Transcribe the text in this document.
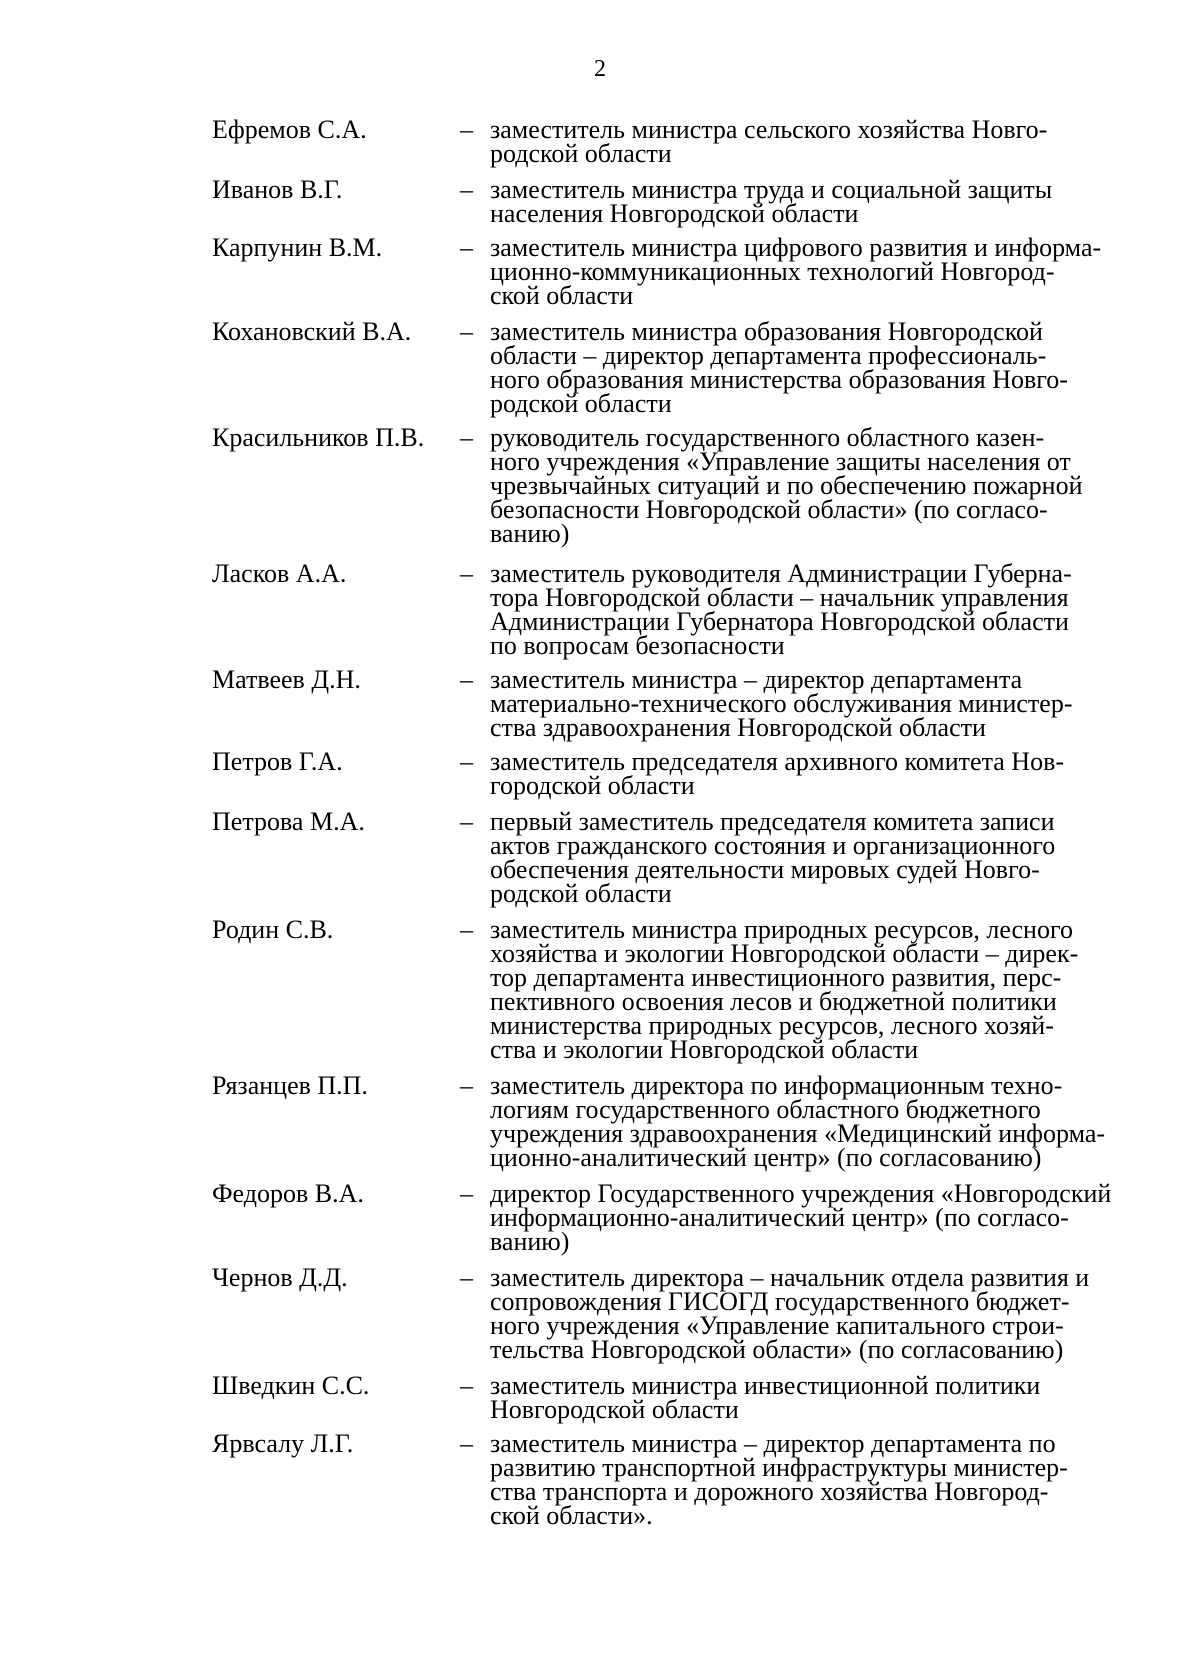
2
Ефремов С.А.	– заместитель министра сельского хозяйства Новго-
родской области
Иванов В.Г.	– заместитель министра труда и социальной защиты
населения Новгородской области
Карпунин В.М.	– заместитель министра цифрового развития и информа-
ционно-коммуникационных технологий Новгород-
ской области
Кохановский В.А. – заместитель министра образования Новгородской
области – директор департамента профессиональ-
ного образования министерства образования Новго-
родской области
Красильников П.В. – руководитель государственного областного казен-
ного учреждения «Управление защиты населения от
чрезвычайных ситуаций и по обеспечению пожарной
безопасности Новгородской области» (по согласо-
ванию)
Ласков А.А.	– заместитель руководителя Администрации Губерна-
тора Новгородской области – начальник управления
Администрации Губернатора Новгородской области
по вопросам безопасности
Матвеев Д.Н.	– заместитель министра – директор департамента
материально-технического обслуживания министер-
ства здравоохранения Новгородской области
Петров Г.А.	– заместитель председателя архивного комитета Нов-
городской области
Петрова М.А.	– первый заместитель председателя комитета записи
актов гражданского состояния и организационного
обеспечения деятельности мировых судей Новго-
родской области
Родин С.В.	– заместитель министра природных ресурсов, лесного
хозяйства и экологии Новгородской области – дирек-
тор департамента инвестиционного развития, перс-
пективного освоения лесов и бюджетной политики
министерства природных ресурсов, лесного хозяй-
ства и экологии Новгородской области
Рязанцев П.П.	– заместитель директора по информационным техно-
логиям государственного областного бюджетного
учреждения здравоохранения «Медицинский информа-
ционно-аналитический центр» (по согласованию)
Федоров В.А.	– директор Государственного учреждения «Новгородский
информационно-аналитический центр» (по согласо-
ванию)
Чернов Д.Д.	– заместитель директора – начальник отдела развития и
сопровождения ГИСОГД государственного бюджет-
ного учреждения «Управление капитального строи-
тельства Новгородской области» (по согласованию)
Шведкин С.С.	– заместитель министра инвестиционной политики
Новгородской области
Ярвсалу Л.Г.	– заместитель министра – директор департамента по
развитию транспортной инфраструктуры министер-
ства транспорта и дорожного хозяйства Новгород-
ской области».
